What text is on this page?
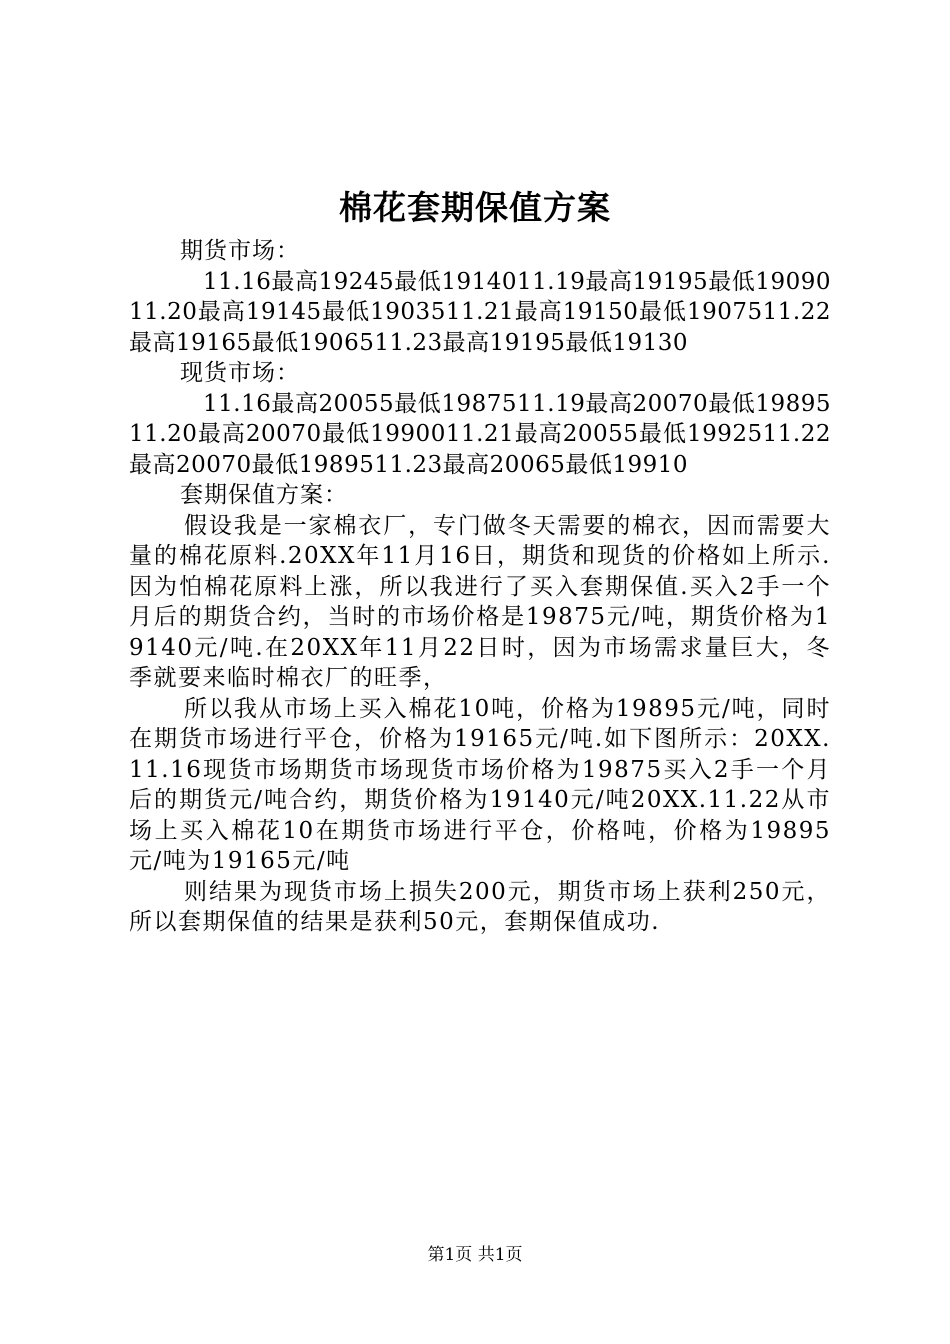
棉花套期保值方案

期货市场：

11.16最高19245最低1914011.19最高19195最低1909011.20最高19145最低1903511.21最高19150最低1907511.22最高19165最低1906511.23最高19195最低19130

现货市场：

11.16最高20055最低1987511.19最高20070最低1989511.20最高20070最低1990011.21最高20055最低1992511.22最高20070最低1989511.23最高20065最低19910

套期保值方案：

假设我是一家棉衣厂，专门做冬天需要的棉衣，因而需要大量的棉花原料.20XX年11月16日，期货和现货的价格如上所示.因为怕棉花原料上涨，所以我进行了买入套期保值.买入2手一个月后的期货合约，当时的市场价格是19875元/吨，期货价格为19140元/吨.在20XX年11月22日时，因为市场需求量巨大，冬季就要来临时棉衣厂的旺季，

所以我从市场上买入棉花10吨，价格为19895元/吨，同时在期货市场进行平仓，价格为19165元/吨.如下图所示：20XX.11.16现货市场期货市场现货市场价格为19875买入2手一个月后的期货元/吨合约，期货价格为19140元/吨20XX.11.22从市场上买入棉花10在期货市场进行平仓，价格吨，价格为19895元/吨为19165元/吨

则结果为现货市场上损失200元，期货市场上获利250元，所以套期保值的结果是获利50元，套期保值成功.

第1页 共1页
